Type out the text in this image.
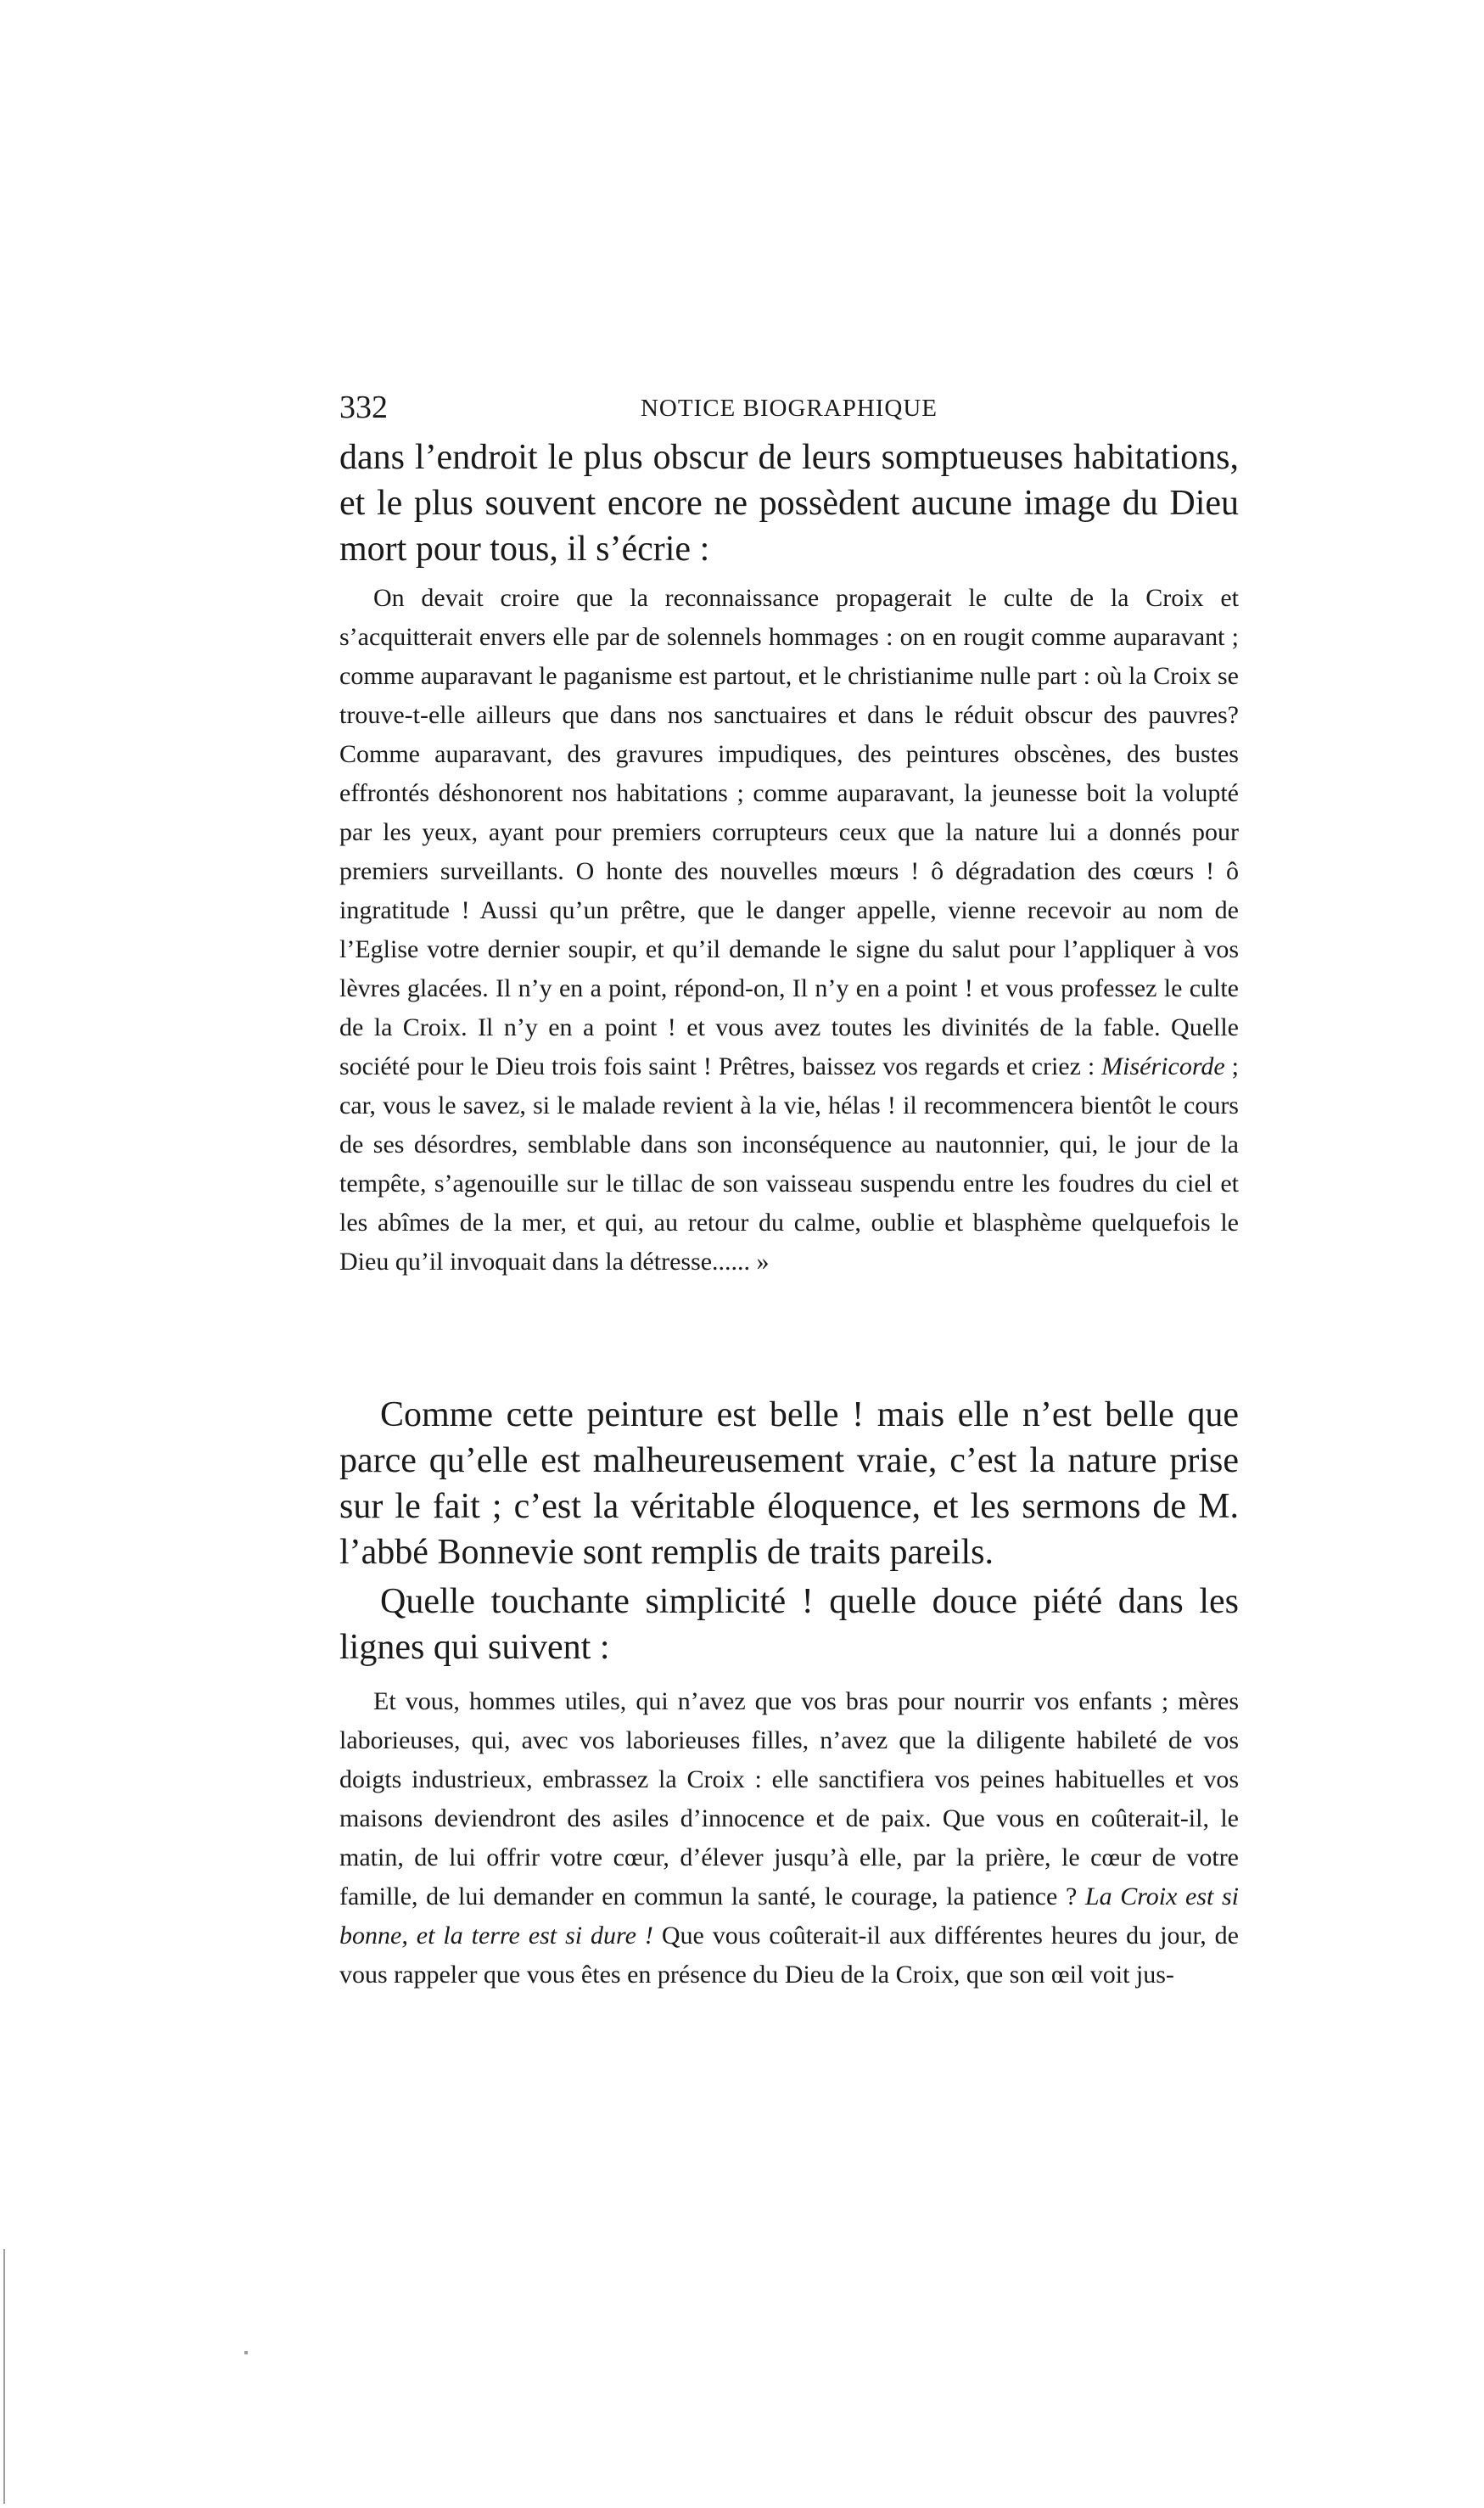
332	NOTICE BIOGRAPHIQUE

dans l’endroit le plus obscur de leurs somptueuses habitations, et le plus souvent encore ne possèdent aucune image du Dieu mort pour tous, il s’écrie :

On devait croire que la reconnaissance propagerait le culte de la Croix et s’acquitterait envers elle par de solennels hommages : on en rougit comme auparavant ; comme auparavant le paganisme est partout, et le christianime nulle part : où la Croix se trouve-t-elle ailleurs que dans nos sanctuaires et dans le réduit obscur des pauvres? Comme auparavant, des gravures impudiques, des peintures obscènes, des bustes effrontés déshonorent nos habitations ; comme auparavant, la jeunesse boit la volupté par les yeux, ayant pour premiers corrupteurs ceux que la nature lui a donnés pour premiers surveillants. O honte des nouvelles mœurs ! ô dégradation des cœurs ! ô ingratitude ! Aussi qu’un prêtre, que le danger appelle, vienne recevoir au nom de l’Eglise votre dernier soupir, et qu’il demande le signe du salut pour l’appliquer à vos lèvres glacées. Il n’y en a point, répond-on, Il n’y en a point ! et vous professez le culte de la Croix. Il n’y en a point ! et vous avez toutes les divinités de la fable. Quelle société pour le Dieu trois fois saint ! Prêtres, baissez vos regards et criez : Miséricorde ; car, vous le savez, si le malade revient à la vie, hélas ! il recommencera bientôt le cours de ses désordres, semblable dans son inconséquence au nautonnier, qui, le jour de la tempête, s’agenouille sur le tillac de son vaisseau suspendu entre les foudres du ciel et les abîmes de la mer, et qui, au retour du calme, oublie et blasphème quelquefois le Dieu qu’il invoquait dans la détresse...... »

Comme cette peinture est belle ! mais elle n’est belle que parce qu’elle est malheureusement vraie, c’est la nature prise sur le fait ; c’est la véritable éloquence, et les sermons de M. l’abbé Bonnevie sont remplis de traits pareils.

Quelle touchante simplicité ! quelle douce piété dans les lignes qui suivent :

Et vous, hommes utiles, qui n’avez que vos bras pour nourrir vos enfants ; mères laborieuses, qui, avec vos laborieuses filles, n’avez que la diligente habileté de vos doigts industrieux, embrassez la Croix : elle sanctifiera vos peines habituelles et vos maisons deviendront des asiles d’innocence et de paix. Que vous en coûterait-il, le matin, de lui offrir votre cœur, d’élever jusqu’à elle, par la prière, le cœur de votre famille, de lui demander en commun la santé, le courage, la patience ? La Croix est si bonne, et la terre est si dure ! Que vous coûterait-il aux différentes heures du jour, de vous rappeler que vous êtes en présence du Dieu de la Croix, que son œil voit jus-
